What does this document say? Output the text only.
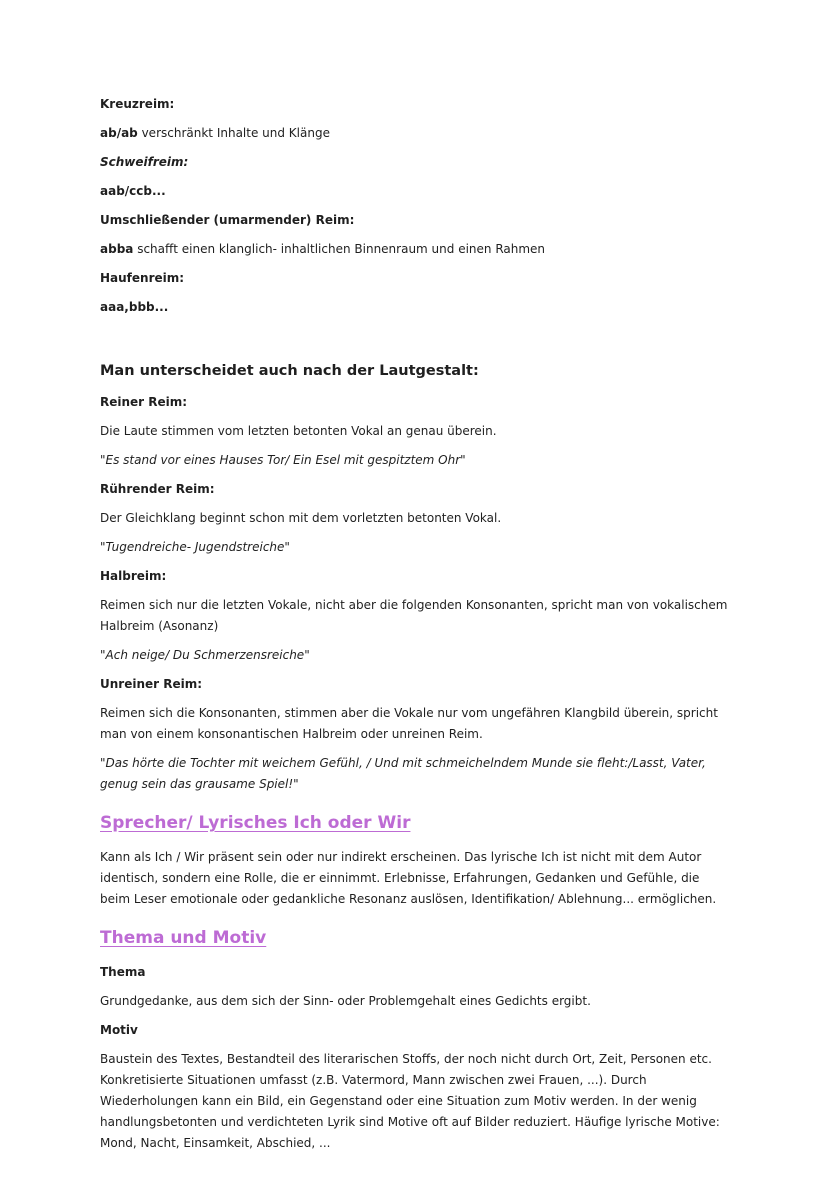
Kreuzreim:

ab/ab verschränkt Inhalte und Klänge

Schweifreim:

aab/ccb...

Umschließender (umarmender) Reim:

abba schafft einen klanglich- inhaltlichen Binnenraum und einen Rahmen

Haufenreim:

aaa,bbb...

Man unterscheidet auch nach der Lautgestalt:

Reiner Reim:

Die Laute stimmen vom letzten betonten Vokal an genau überein.

"Es stand vor eines Hauses Tor/ Ein Esel mit gespitztem Ohr"

Rührender Reim:

Der Gleichklang beginnt schon mit dem vorletzten betonten Vokal.

"Tugendreiche- Jugendstreiche"

Halbreim:

Reimen sich nur die letzten Vokale, nicht aber die folgenden Konsonanten, spricht man von vokalischem Halbreim (Asonanz)

"Ach neige/ Du Schmerzensreiche"

Unreiner Reim:

Reimen sich die Konsonanten, stimmen aber die Vokale nur vom ungefähren Klangbild überein, spricht man von einem konsonantischen Halbreim oder unreinen Reim.

"Das hörte die Tochter mit weichem Gefühl, / Und mit schmeichelndem Munde sie fleht:/Lasst, Vater, genug sein das grausame Spiel!"

Sprecher/ Lyrisches Ich oder Wir

Kann als Ich / Wir präsent sein oder nur indirekt erscheinen. Das lyrische Ich ist nicht mit dem Autor identisch, sondern eine Rolle, die er einnimmt. Erlebnisse, Erfahrungen, Gedanken und Gefühle, die beim Leser emotionale oder gedankliche Resonanz auslösen, Identifikation/ Ablehnung... ermöglichen.

Thema und Motiv

Thema

Grundgedanke, aus dem sich der Sinn- oder Problemgehalt eines Gedichts ergibt.

Motiv

Baustein des Textes, Bestandteil des literarischen Stoffs, der noch nicht durch Ort, Zeit, Personen etc. Konkretisierte Situationen umfasst (z.B. Vatermord, Mann zwischen zwei Frauen, ...). Durch Wiederholungen kann ein Bild, ein Gegenstand oder eine Situation zum Motiv werden. In der wenig handlungsbetonten und verdichteten Lyrik sind Motive oft auf Bilder reduziert. Häufige lyrische Motive: Mond, Nacht, Einsamkeit, Abschied, ...
